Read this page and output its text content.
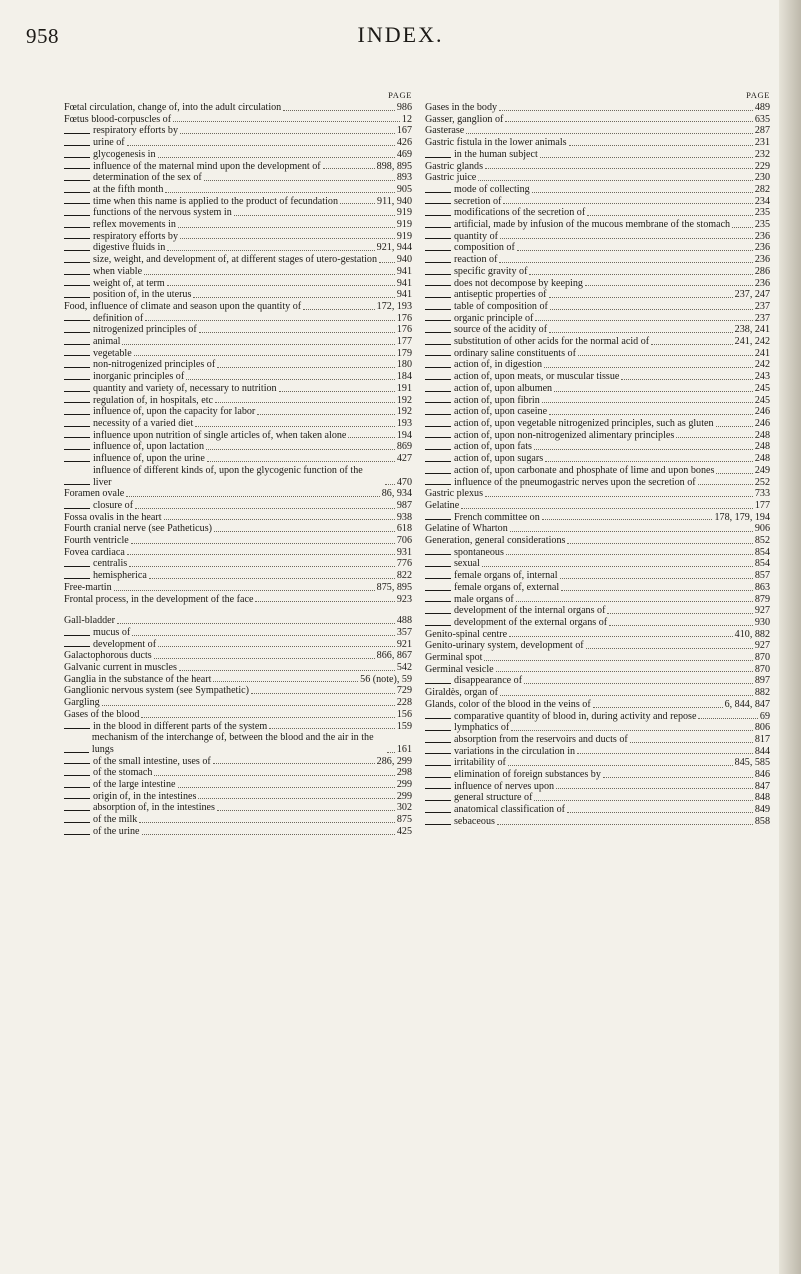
958	INDEX.
PAGE
Fœtal circulation, change of, into the adult circulation	986
Fœtus blood-corpuscles of	12
respiratory efforts by	167
urine of	426
glycogenesis in	469
influence of the maternal mind upon the development of	898, 895
determination of the sex of	893
at the fifth month	905
time when this name is applied to the product of fecundation	911, 940
functions of the nervous system in	919
reflex movements in	919
respiratory efforts by	919
digestive fluids in	921, 944
size, weight, and development of, at different stages of utero-gestation 940
when viable	941
weight of, at term	941
position of, in the uterus	941
Food, influence of climate and season upon the quantity of	172, 193
definition of	176
nitrogenized principles of	176
animal	177
vegetable	179
non-nitrogenized principles of	180
inorganic principles of	184
quantity and variety of, necessary to nutrition	191
regulation of, in hospitals, etc	192
influence of, upon the capacity for labor	192
necessity of a varied diet	193
influence upon nutrition of single articles of, when taken alone	194
influence of, upon lactation	869
influence of, upon the urine	427
influence of different kinds of, upon the glycogenic function of the liver	470
Foramen ovale	86, 934
closure of	987
Fossa ovalis in the heart	938
Fourth cranial nerve (see Patheticus)	618
Fourth ventricle	706
Fovea cardiaca	931
centralis	776
hemispherica	822
Free-martin	875, 895
Frontal process, in the development of the face	923
Gall-bladder	488
mucus of	357
development of	921
Galactophorous ducts	866, 867
Galvanic current in muscles	542
Ganglia in the substance of the heart	56 (note), 59
Ganglionic nervous system (see Sympathetic)	729
Gargling	228
Gases of the blood	156
in the blood in different parts of the system	159
mechanism of the interchange of, between the blood and the air in the lungs	161
of the small intestine, uses of	286, 299
of the stomach	298
of the large intestine	299
origin of, in the intestines	299
absorption of, in the intestines	302
of the milk	875
of the urine	425
PAGE
Gases in the body	489
Gasser, ganglion of	635
Gasterase	287
Gastric fistula in the lower animals	231
in the human subject	232
Gastric glands	229
Gastric juice	230
mode of collecting	282
secretion of	234
modifications of the secretion of	235
artificial, made by infusion of the mucous membrane of the stomach 235
quantity of	236
composition of	236
reaction of	236
specific gravity of	286
does not decompose by keeping	236
antiseptic properties of	237, 247
table of composition of	237
organic principle of	237
source of the acidity of	238, 241
substitution of other acids for the normal acid of	241, 242
ordinary saline constituents of	241
action of, in digestion	242
action of, upon meats, or muscular tissue	243
action of, upon albumen	245
action of, upon fibrin	245
action of, upon caseine	246
action of, upon vegetable nitrogenized principles, such as gluten	246
action of, upon non-nitrogenized alimentary principles	248
action of, upon fats	248
action of, upon sugars	248
action of, upon carbonate and phosphate of lime and upon bones	249
influence of the pneumogastric nerves upon the secretion of	252
Gastric plexus	733
Gelatine	177
French committee on	178, 179, 194
Gelatine of Wharton	906
Generation, general considerations	852
spontaneous	854
sexual	854
female organs of, internal	857
female organs of, external	863
male organs of	879
development of the internal organs of	927
development of the external organs of	930
Genito-spinal centre	410, 882
Genito-urinary system, development of	927
Germinal spot	870
Germinal vesicle	870
disappearance of	897
Giraldès, organ of	882
Glands, color of the blood in the veins of	6, 844, 847
comparative quantity of blood in, during activity and repose	69
lymphatics of	806
absorption from the reservoirs and ducts of	817
variations in the circulation in	844
irritability of	845, 585
elimination of foreign substances by	846
influence of nerves upon	847
general structure of	848
anatomical classification of	849
sebaceous	858
